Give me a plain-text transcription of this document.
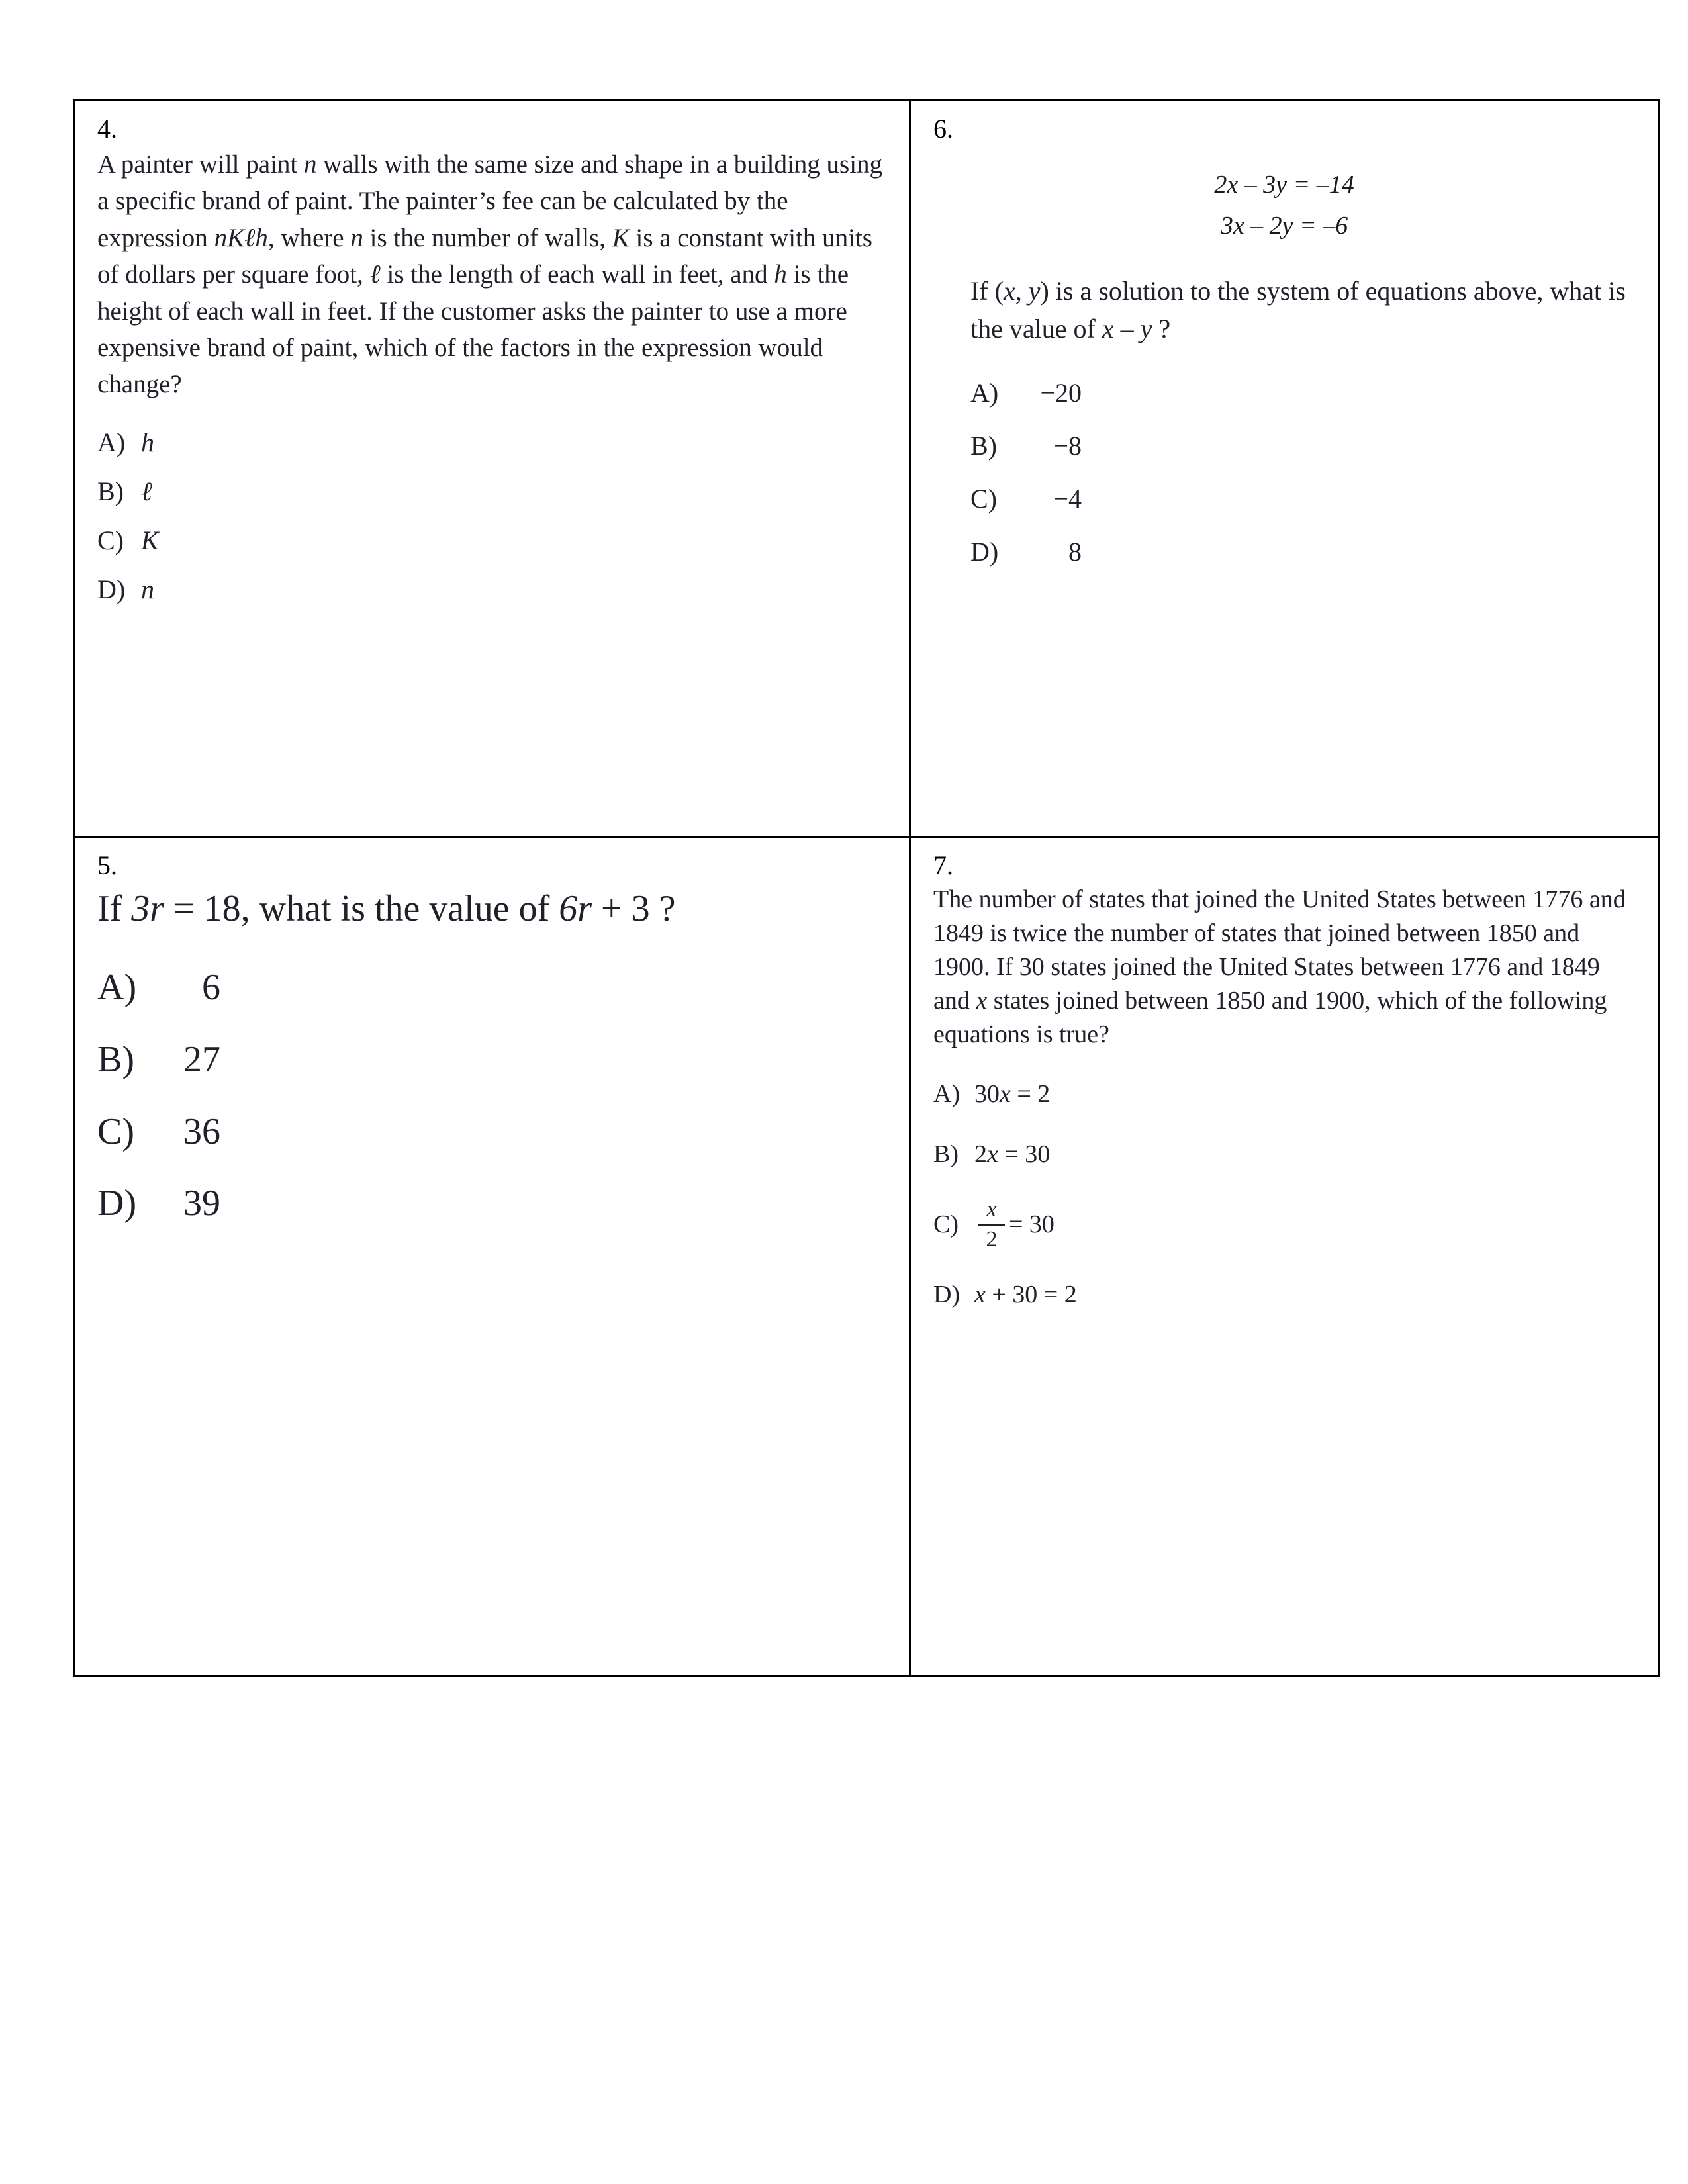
4.

A painter will paint n walls with the same size and shape in a building using a specific brand of paint. The painter’s fee can be calculated by the expression nKℓh, where n is the number of walls, K is a constant with units of dollars per square foot, ℓ is the length of each wall in feet, and h is the height of each wall in feet. If the customer asks the painter to use a more expensive brand of paint, which of the factors in the expression would change?

A) h
B) ℓ
C) K
D) n

6.
2x – 3y = –14
3x – 2y = –6

If (x, y) is a solution to the system of equations above, what is the value of x – y ?

A)	−20
B)	−8
C)	−4
D)	8

5.

If 3r = 18, what is the value of 6r + 3 ?

A)	6
B)	27
C)	36
D)	39

7.

The number of states that joined the United States between 1776 and 1849 is twice the number of states that joined between 1850 and 1900. If 30 states joined the United States between 1776 and 1849 and x states joined between 1850 and 1900, which of the following equations is true?

A) 30x = 2
B) 2x = 30
$C) \frac{x}{2} = 30$
D) x + 30 = 2
